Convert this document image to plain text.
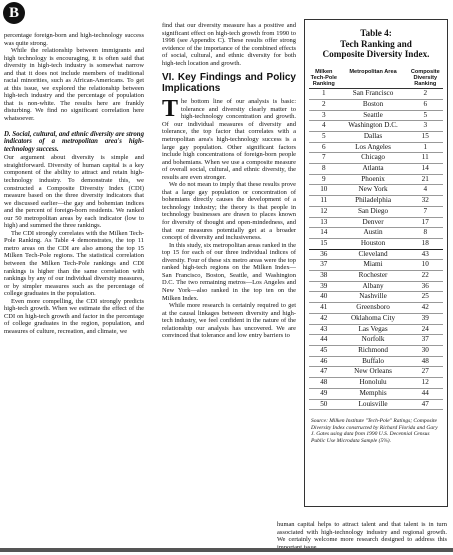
B

percentage foreign-born and high-technology success was quite strong.

While the relationship between immigrants and high technology is encouraging, it is often said that diversity in high-tech industry is somewhat narrow and that it does not include members of traditional racial minorities, such as African-Americans. To get at this issue, we explored the relationship between high-tech industry and the percentage of population that is non-white. The results here are frankly disturbing. We find no significant correlation here whatsoever.

D. Social, cultural, and ethnic diversity are strong indicators of a metropolitan area's high-technology success.

Our argument about diversity is simple and straightforward. Diversity of human capital is a key component of the ability to attract and retain high-technology industry. To demonstrate this, we constructed a Composite Diversity Index (CDI) measure based on the three diversity indicators that we discussed earlier—the gay and bohemian indices and the percent of foreign-born residents. We ranked our 50 metropolitan areas by each indicator (low to high) and summed the three rankings.

The CDI strongly correlates with the Milken Tech-Pole Ranking. As Table 4 demonstrates, the top 11 metro areas on the CDI are also among the top 15 Milken Tech-Pole regions. The statistical correlation between the Milken Tech-Pole rankings and CDI rankings is higher than the same correlation with rankings by any of our individual diversity measures, or by simpler measures such as the percentage of college graduates in the population.

Even more compelling, the CDI strongly predicts high-tech growth. When we estimate the effect of the CDI on high-tech growth and factor in the percentage of college graduates in the region, population, and measures of culture, recreation, and climate, we

find that our diversity measure has a positive and significant effect on high-tech growth from 1990 to 1998 (see Appendix C). These results offer strong evidence of the importance of the combined effects of social, cultural, and ethnic diversity for both high-tech location and growth.

VI. Key Findings and Policy Implications

The bottom line of our analysis is basic: tolerance and diversity clearly matter to high-technology concentration and growth. Of our individual measures of diversity and tolerance, the top factor that correlates with a metropolitan area's high-technology success is a large gay population. Other significant factors include high concentrations of foreign-born people and bohemians. When we use a composite measure of overall social, cultural, and ethnic diversity, the results are even stronger.

We do not mean to imply that these results prove that a large gay population or concentration of bohemians directly causes the development of a technology industry; the theory is that people in technology businesses are drawn to places known for diversity of thought and open-mindedness, and that our measures potentially get at a broader concept of diversity and inclusiveness.

In this study, six metropolitan areas ranked in the top 15 for each of our three individual indices of diversity. Four of these six metro areas were the top ranked high-tech regions on the Milken Index—San Francisco, Boston, Seattle, and Washington D.C. The two remaining metros—Los Angeles and New York—also ranked in the top ten on the Milken Index.

While more research is certainly required to get at the causal linkages between diversity and high-tech industry, we feel confident in the nature of the relationship our analysis has uncovered. We are convinced that tolerance and low entry barriers to

Table 4:
Tech Ranking and
Composite Diversity Index.
Milken Tech-Pole Ranking
Metropolitan Area	Composite Diversity Ranking
1	San Francisco	2
2	Boston	6
3	Seattle	5
4	Washington D.C.	3
5	Dallas	15
6	Los Angeles	1
7	Chicago	11
8	Atlanta	14
9	Phoenix	21
10	New York	4
11	Philadelphia	32
12	San Diego	7
13	Denver	17
14	Austin	8
15	Houston	18
36	Cleveland	43
37	Miami	10
38	Rochester	22
39	Albany	36
40	Nashville	25
41	Greensboro	42
42	Oklahoma City	39
43	Las Vegas	24
44	Norfolk	37
45	Richmond	30
46	Buffalo	48
47	New Orleans	27
48	Honolulu	12
49	Memphis	44
50	Louisville	47
Source: Milken Institute "Tech-Pole" Ratings; Composite Diversity Index constructed by Richard Florida and Gary J. Gates using data from 1990 U.S. Decennial Census Public Use Microdata Sample (5%).

human capital helps to attract talent and that talent is in turn associated with high-technology industry and regional growth. We certainly welcome more research designed to address this
